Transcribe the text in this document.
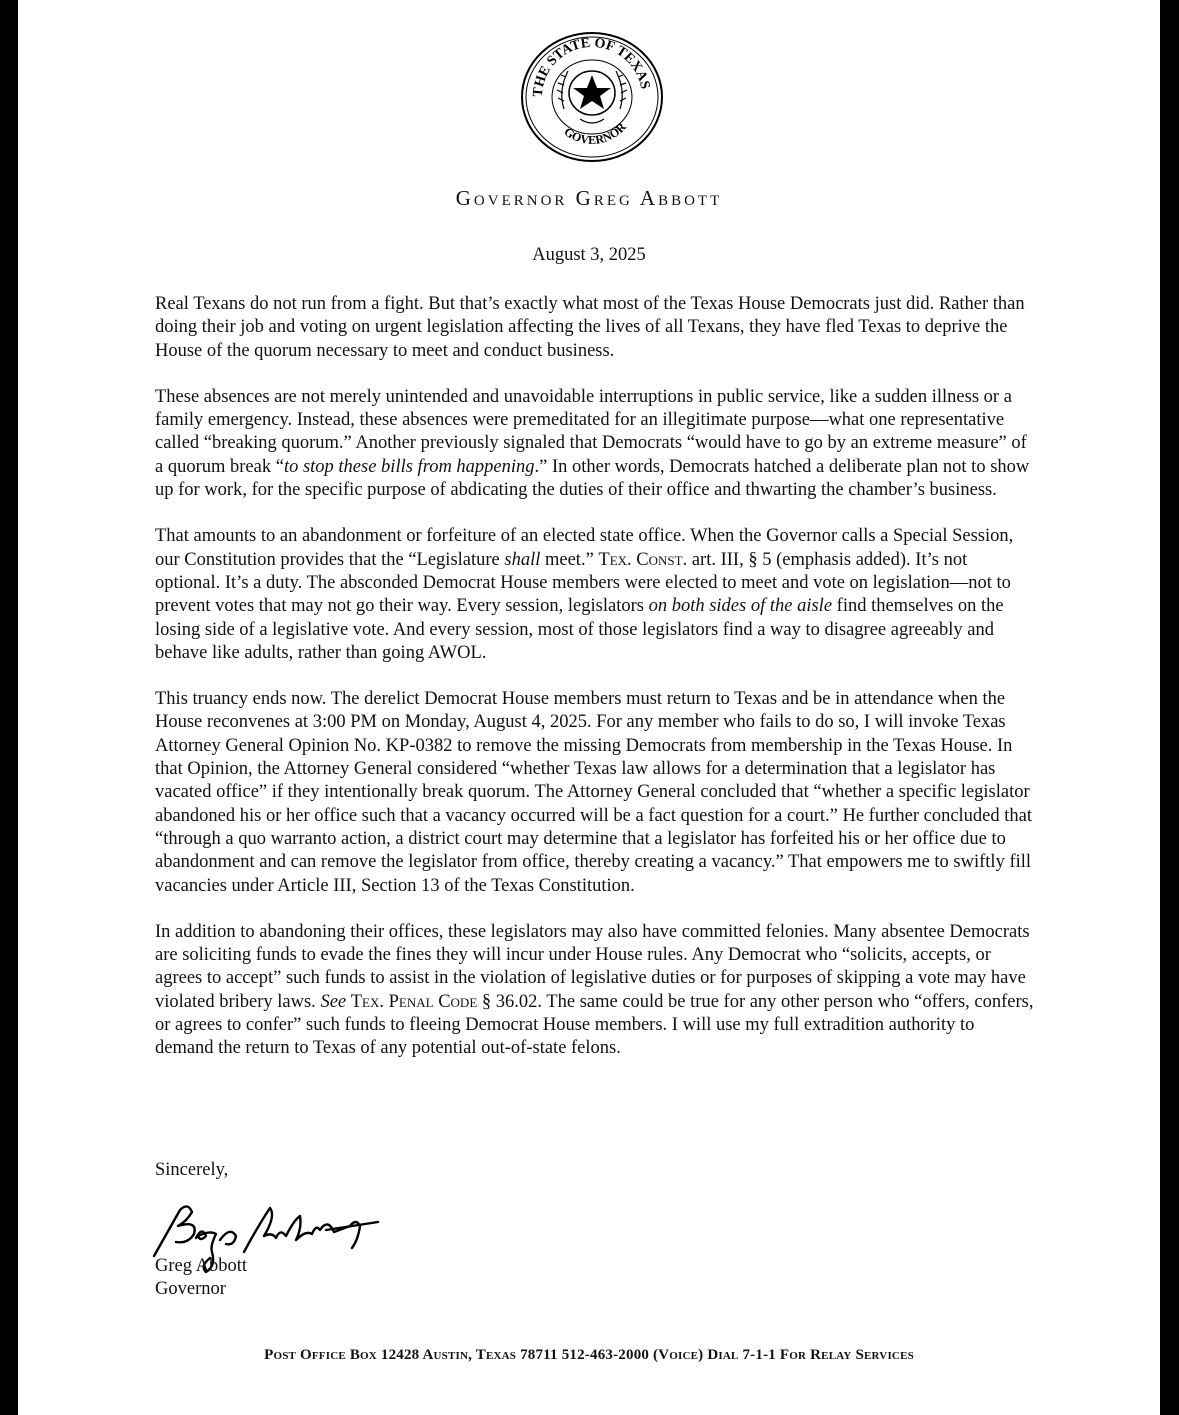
THE STATE OF TEXAS
GOVERNOR
Governor Greg Abbott
August 3, 2025

Real Texans do not run from a fight. But that’s exactly what most of the Texas House Democrats just did. Rather than doing their job and voting on urgent legislation affecting the lives of all Texans, they have fled Texas to deprive the House of the quorum necessary to meet and conduct business.

These absences are not merely unintended and unavoidable interruptions in public service, like a sudden illness or a family emergency. Instead, these absences were premeditated for an illegitimate purpose—what one representative called “breaking quorum.” Another previously signaled that Democrats “would have to go by an extreme measure” of a quorum break “to stop these bills from happening.” In other words, Democrats hatched a deliberate plan not to show up for work, for the specific purpose of abdicating the duties of their office and thwarting the chamber’s business.

That amounts to an abandonment or forfeiture of an elected state office. When the Governor calls a Special Session, our Constitution provides that the “Legislature shall meet.” Tex. Const. art. III, § 5 (emphasis added). It’s not optional. It’s a duty. The absconded Democrat House members were elected to meet and vote on legislation—not to prevent votes that may not go their way. Every session, legislators on both sides of the aisle find themselves on the losing side of a legislative vote. And every session, most of those legislators find a way to disagree agreeably and behave like adults, rather than going AWOL.

This truancy ends now. The derelict Democrat House members must return to Texas and be in attendance when the House reconvenes at 3:00 PM on Monday, August 4, 2025. For any member who fails to do so, I will invoke Texas Attorney General Opinion No. KP-0382 to remove the missing Democrats from membership in the Texas House. In that Opinion, the Attorney General considered “whether Texas law allows for a determination that a legislator has vacated office” if they intentionally break quorum. The Attorney General concluded that “whether a specific legislator abandoned his or her office such that a vacancy occurred will be a fact question for a court.” He further concluded that “through a quo warranto action, a district court may determine that a legislator has forfeited his or her office due to abandonment and can remove the legislator from office, thereby creating a vacancy.” That empowers me to swiftly fill vacancies under Article III, Section 13 of the Texas Constitution.

In addition to abandoning their offices, these legislators may also have committed felonies. Many absentee Democrats are soliciting funds to evade the fines they will incur under House rules. Any Democrat who “solicits, accepts, or agrees to accept” such funds to assist in the violation of legislative duties or for purposes of skipping a vote may have violated bribery laws. See Tex. Penal Code § 36.02. The same could be true for any other person who “offers, confers, or agrees to confer” such funds to fleeing Democrat House members. I will use my full extradition authority to demand the return to Texas of any potential out-of-state felons.

Sincerely,
Greg Abbott
Governor
Post Office Box 12428 Austin, Texas 78711 512-463-2000 (Voice) Dial 7-1-1 For Relay Services
